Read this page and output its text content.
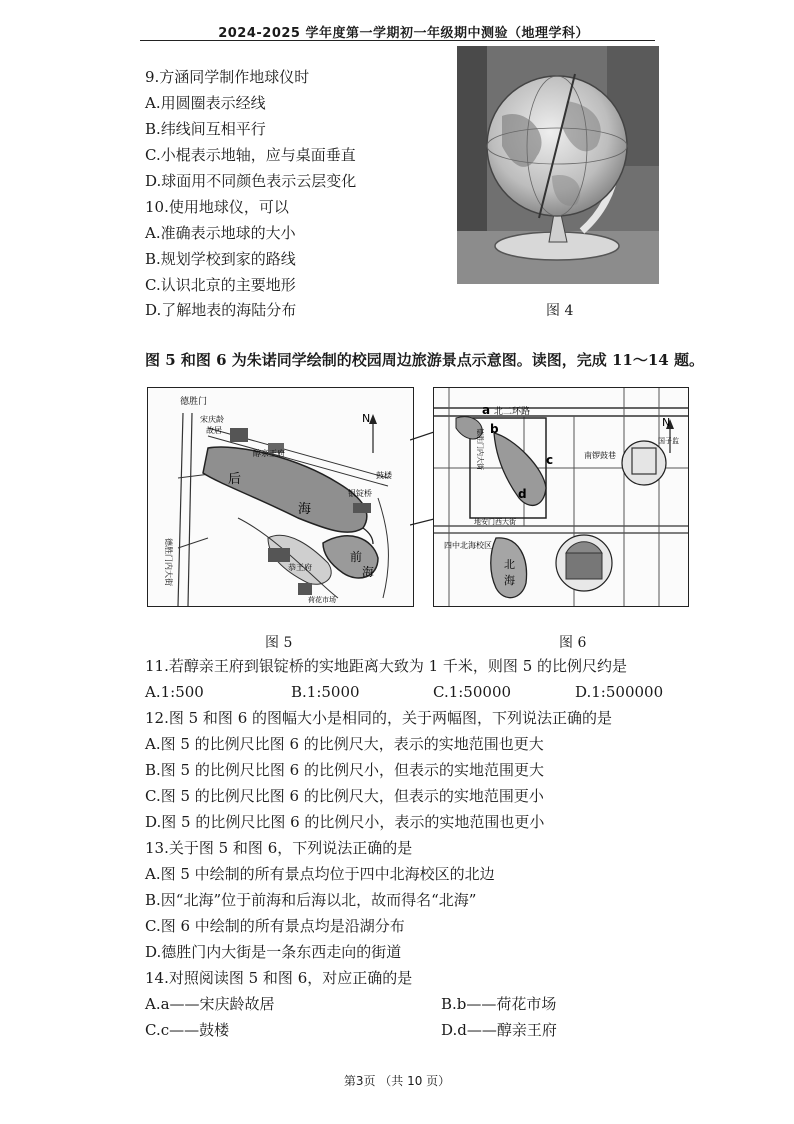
2024-2025 学年度第一学期初一年级期中测验（地理学科）
9.方涵同学制作地球仪时
A.用圆圈表示经线
B.纬线间互相平行
C.小棍表示地轴，应与桌面垂直
D.球面用不同颜色表示云层变化
10.使用地球仪，可以
A.准确表示地球的大小
B.规划学校到家的路线
C.认识北京的主要地形
D.了解地表的海陆分布	图 4
图 5 和图 6 为朱诺同学绘制的校园周边旅游景点示意图。读图，完成 11～14 题。
N
德胜门
宋庆龄
故居
醇亲王府
后
海
银锭桥
鼓楼
前
海
恭王府
荷花市场
德胜门内大街
N
北二环路
a
b
c
d
南锣鼓巷
国子监
地安门西大街
四中北海校区
北
海
德胜门内大街
图 5	图 6
11.若醇亲王府到银锭桥的实地距离大致为 1 千米，则图 5 的比例尺约是
A.1:500	B.1:5000	C.1:50000	D.1:500000
12.图 5 和图 6 的图幅大小是相同的，关于两幅图，下列说法正确的是
A.图 5 的比例尺比图 6 的比例尺大，表示的实地范围也更大
B.图 5 的比例尺比图 6 的比例尺小，但表示的实地范围更大
C.图 5 的比例尺比图 6 的比例尺大，但表示的实地范围更小
D.图 5 的比例尺比图 6 的比例尺小，表示的实地范围也更小
13.关于图 5 和图 6，下列说法正确的是
A.图 5 中绘制的所有景点均位于四中北海校区的北边
B.因“北海”位于前海和后海以北，故而得名“北海”
C.图 6 中绘制的所有景点均是沿湖分布
D.德胜门内大街是一条东西走向的街道
14.对照阅读图 5 和图 6，对应正确的是
A.a——宋庆龄故居	B.b——荷花市场
C.c——鼓楼	D.d——醇亲王府
第3页 （共 10 页）
